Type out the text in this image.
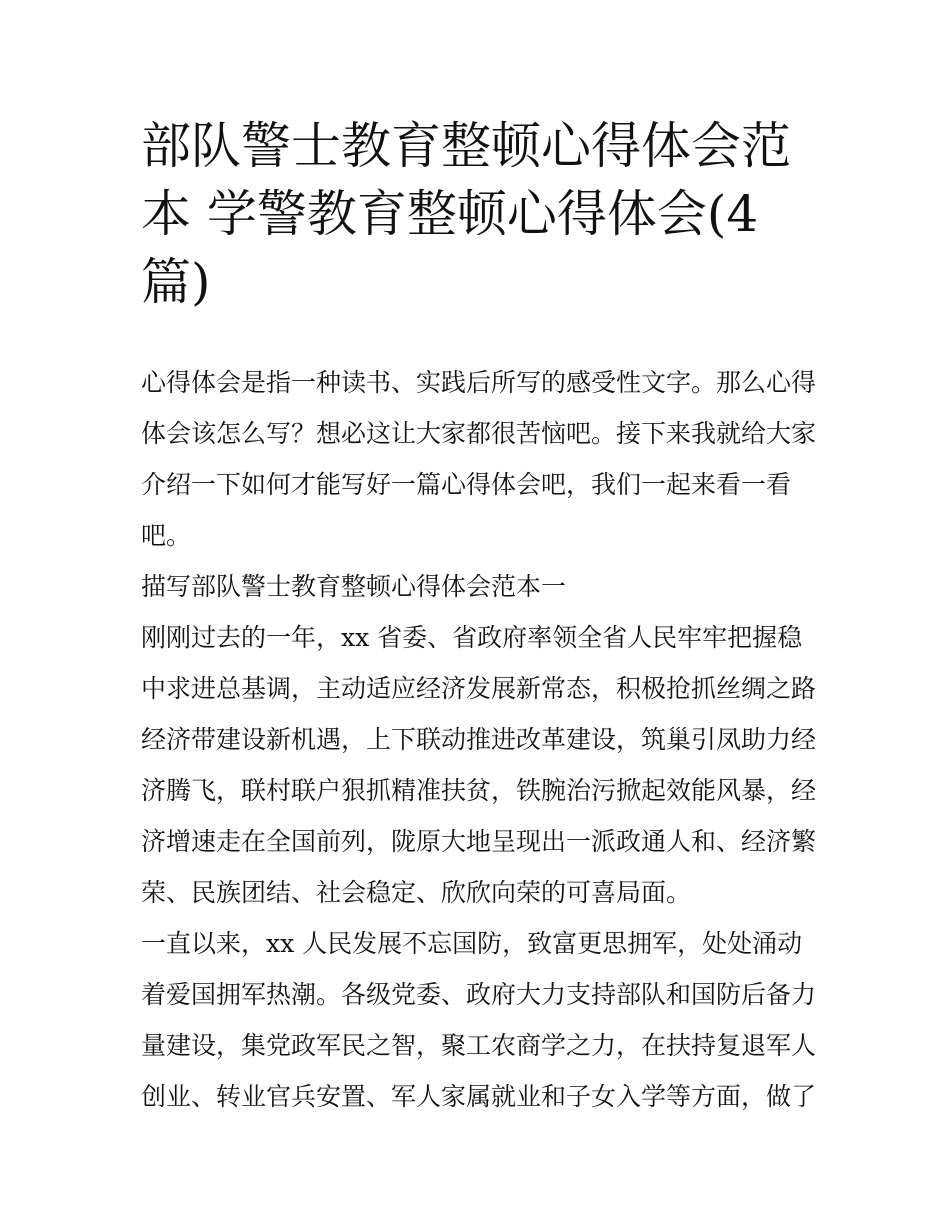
部队警士教育整顿心得体会范
本 学警教育整顿心得体会(4
篇)
心得体会是指一种读书、实践后所写的感受性文字。那么心得
体会该怎么写？想必这让大家都很苦恼吧。接下来我就给大家
介绍一下如何才能写好一篇心得体会吧，我们一起来看一看
吧。
描写部队警士教育整顿心得体会范本一
刚刚过去的一年，xx 省委、省政府率领全省人民牢牢把握稳
中求进总基调，主动适应经济发展新常态，积极抢抓丝绸之路
经济带建设新机遇，上下联动推进改革建设，筑巢引凤助力经
济腾飞，联村联户狠抓精准扶贫，铁腕治污掀起效能风暴，经
济增速走在全国前列，陇原大地呈现出一派政通人和、经济繁
荣、民族团结、社会稳定、欣欣向荣的可喜局面。
一直以来，xx 人民发展不忘国防，致富更思拥军，处处涌动
着爱国拥军热潮。各级党委、政府大力支持部队和国防后备力
量建设，集党政军民之智，聚工农商学之力，在扶持复退军人
创业、转业官兵安置、军人家属就业和子女入学等方面，做了
